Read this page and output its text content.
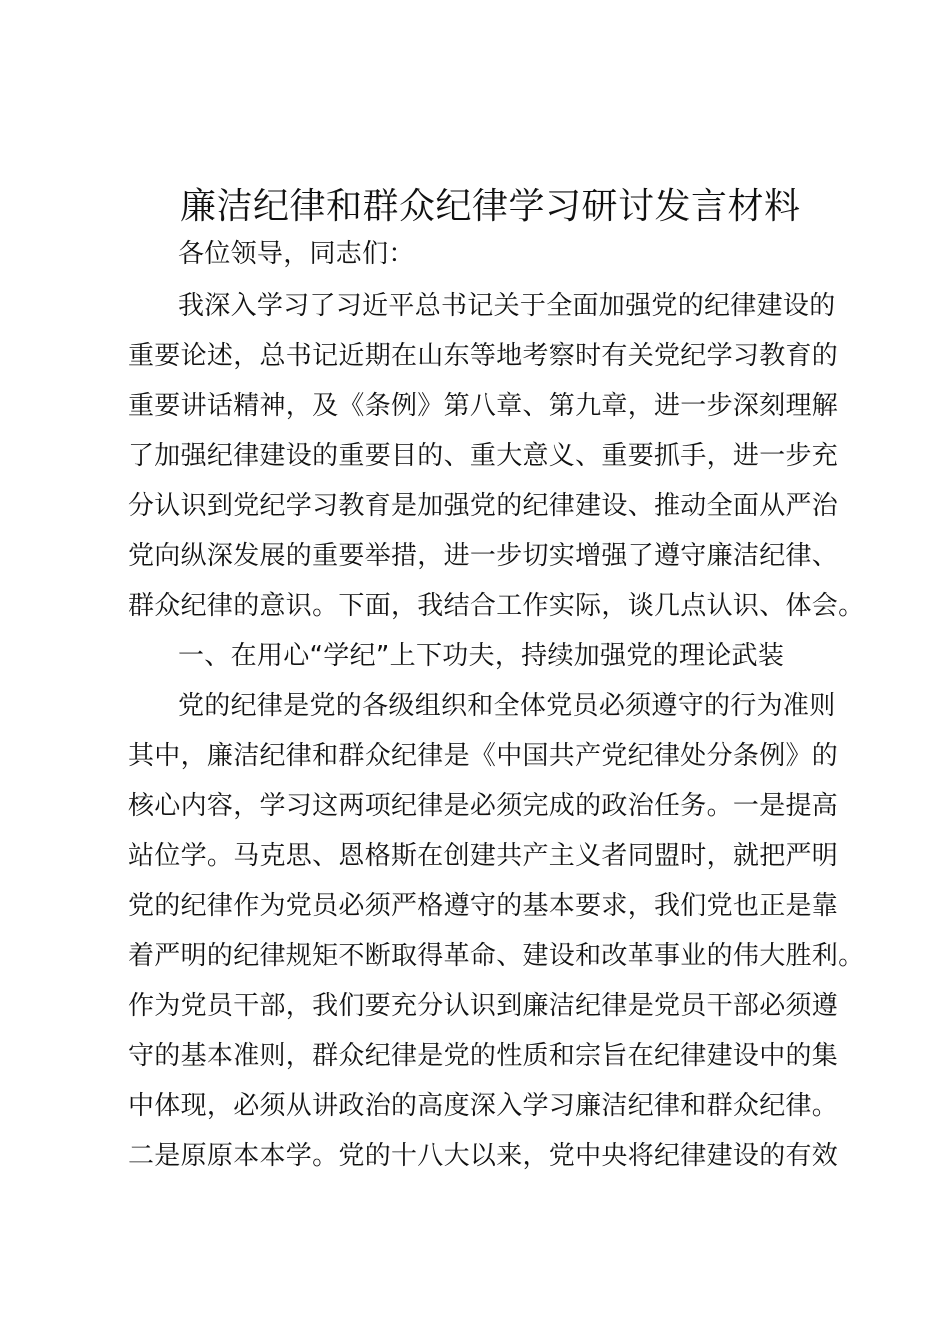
廉洁纪律和群众纪律学习研讨发言材料
各位领导，同志们：
我深入学习了习近平总书记关于全面加强党的纪律建设的
重要论述，总书记近期在山东等地考察时有关党纪学习教育的
重要讲话精神，及《条例》第八章、第九章，进一步深刻理解
了加强纪律建设的重要目的、重大意义、重要抓手，进一步充
分认识到党纪学习教育是加强党的纪律建设、推动全面从严治
党向纵深发展的重要举措，进一步切实增强了遵守廉洁纪律、
群众纪律的意识。下面，我结合工作实际，谈几点认识、体会。
一、在用心“学纪”上下功夫，持续加强党的理论武装
党的纪律是党的各级组织和全体党员必须遵守的行为准则
其中，廉洁纪律和群众纪律是《中国共产党纪律处分条例》的
核心内容，学习这两项纪律是必须完成的政治任务。一是提高
站位学。马克思、恩格斯在创建共产主义者同盟时，就把严明
党的纪律作为党员必须严格遵守的基本要求，我们党也正是靠
着严明的纪律规矩不断取得革命、建设和改革事业的伟大胜利。
作为党员干部，我们要充分认识到廉洁纪律是党员干部必须遵
守的基本准则，群众纪律是党的性质和宗旨在纪律建设中的集
中体现，必须从讲政治的高度深入学习廉洁纪律和群众纪律。
二是原原本本学。党的十八大以来，党中央将纪律建设的有效
